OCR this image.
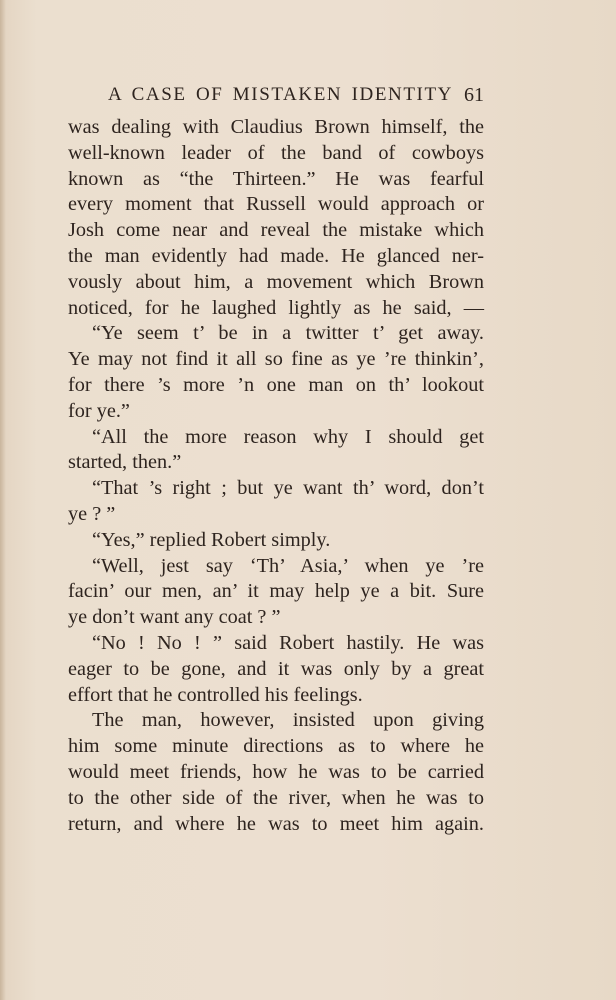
A CASE OF MISTAKEN IDENTITY 61
was dealing with Claudius Brown himself, the
well-known leader of the band of cowboys
known as “the Thirteen.” He was fearful
every moment that Russell would approach or
Josh come near and reveal the mistake which
the man evidently had made. He glanced ner-
vously about him, a movement which Brown
noticed, for he laughed lightly as he said, —
“Ye seem t’ be in a twitter t’ get away.
Ye may not find it all so fine as ye ’re thinkin’,
for there ’s more ’n one man on th’ lookout
for ye.”
“All the more reason why I should get
started, then.”
“That ’s right ; but ye want th’ word, don’t
ye ? ”
“Yes,” replied Robert simply.
“Well, jest say ‘Th’ Asia,’ when ye ’re
facin’ our men, an’ it may help ye a bit. Sure
ye don’t want any coat ? ”
“No ! No ! ” said Robert hastily. He was
eager to be gone, and it was only by a great
effort that he controlled his feelings.
The man, however, insisted upon giving
him some minute directions as to where he
would meet friends, how he was to be carried
to the other side of the river, when he was to
return, and where he was to meet him again.
